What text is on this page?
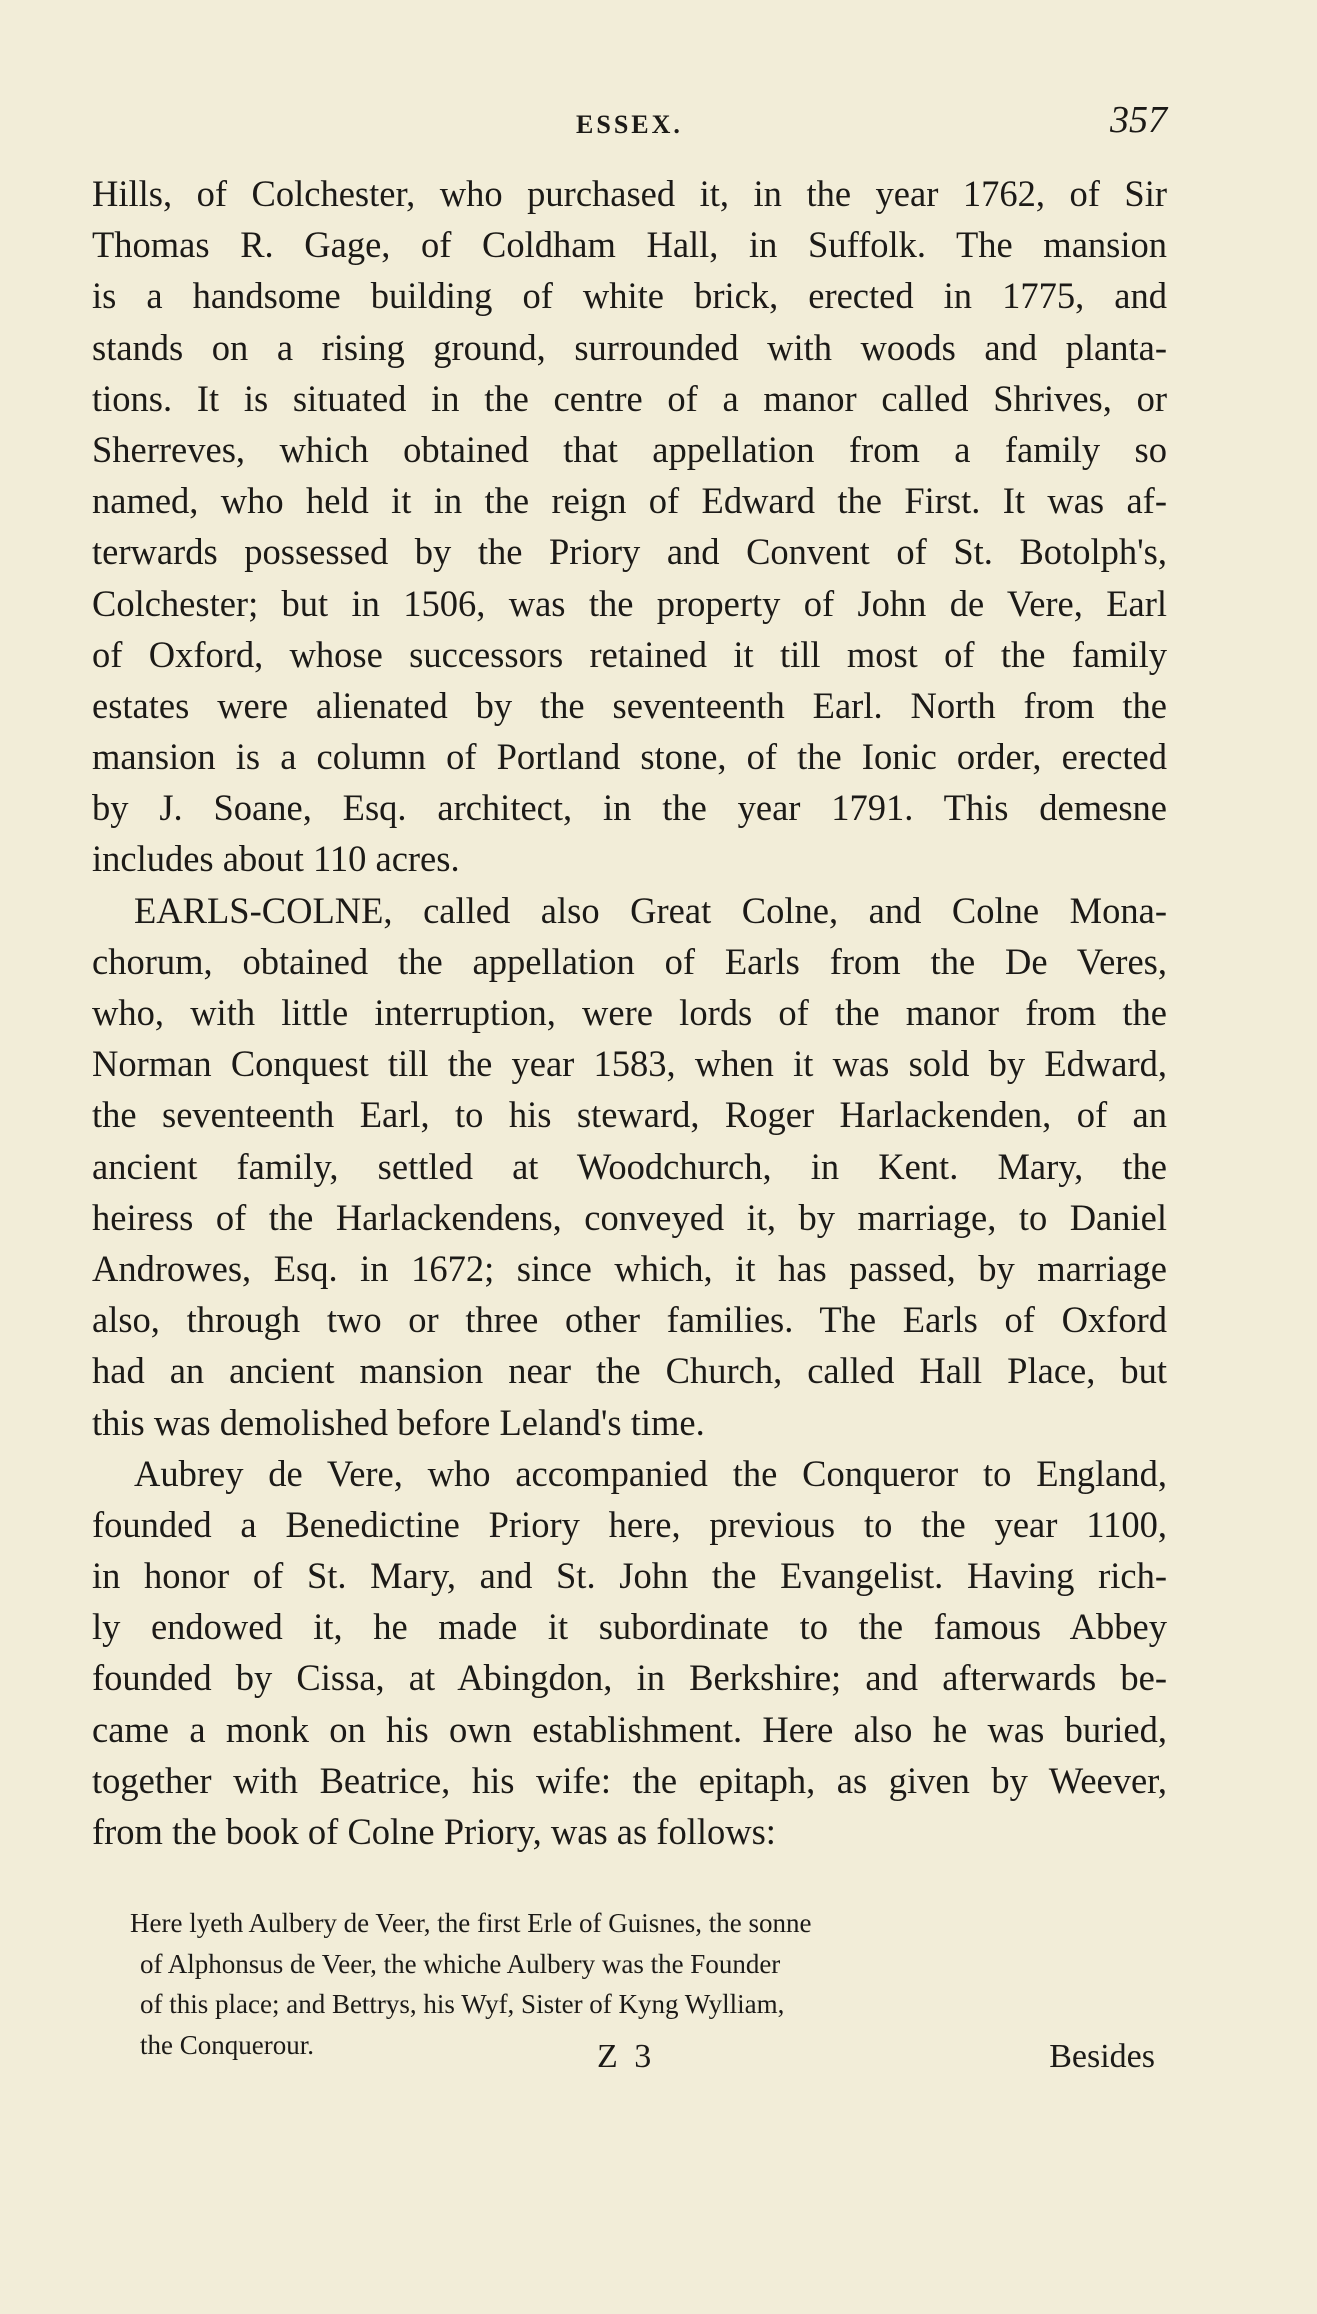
ESSEX.	357
Hills, of Colchester, who purchased it, in the year 1762, of Sir
Thomas R. Gage, of Coldham Hall, in Suffolk. The mansion
is a handsome building of white brick, erected in 1775, and
stands on a rising ground, surrounded with woods and planta-
tions. It is situated in the centre of a manor called Shrives, or
Sherreves, which obtained that appellation from a family so
named, who held it in the reign of Edward the First. It was af-
terwards possessed by the Priory and Convent of St. Botolph's,
Colchester; but in 1506, was the property of John de Vere, Earl
of Oxford, whose successors retained it till most of the family
estates were alienated by the seventeenth Earl. North from the
mansion is a column of Portland stone, of the Ionic order, erected
by J. Soane, Esq. architect, in the year 1791. This demesne
includes about 110 acres.
EARLS-COLNE, called also Great Colne, and Colne Mona-
chorum, obtained the appellation of Earls from the De Veres,
who, with little interruption, were lords of the manor from the
Norman Conquest till the year 1583, when it was sold by Edward,
the seventeenth Earl, to his steward, Roger Harlackenden, of an
ancient family, settled at Woodchurch, in Kent. Mary, the
heiress of the Harlackendens, conveyed it, by marriage, to Daniel
Androwes, Esq. in 1672; since which, it has passed, by marriage
also, through two or three other families. The Earls of Oxford
had an ancient mansion near the Church, called Hall Place, but
this was demolished before Leland's time.
Aubrey de Vere, who accompanied the Conqueror to England,
founded a Benedictine Priory here, previous to the year 1100,
in honor of St. Mary, and St. John the Evangelist. Having rich-
ly endowed it, he made it subordinate to the famous Abbey
founded by Cissa, at Abingdon, in Berkshire; and afterwards be-
came a monk on his own establishment. Here also he was buried,
together with Beatrice, his wife: the epitaph, as given by Weever,
from the book of Colne Priory, was as follows:
Here lyeth Aulbery de Veer, the first Erle of Guisnes, the sonne
of Alphonsus de Veer, the whiche Aulbery was the Founder
of this place; and Bettrys, his Wyf, Sister of Kyng Wylliam,
the Conquerour.	Z 3	Besides
